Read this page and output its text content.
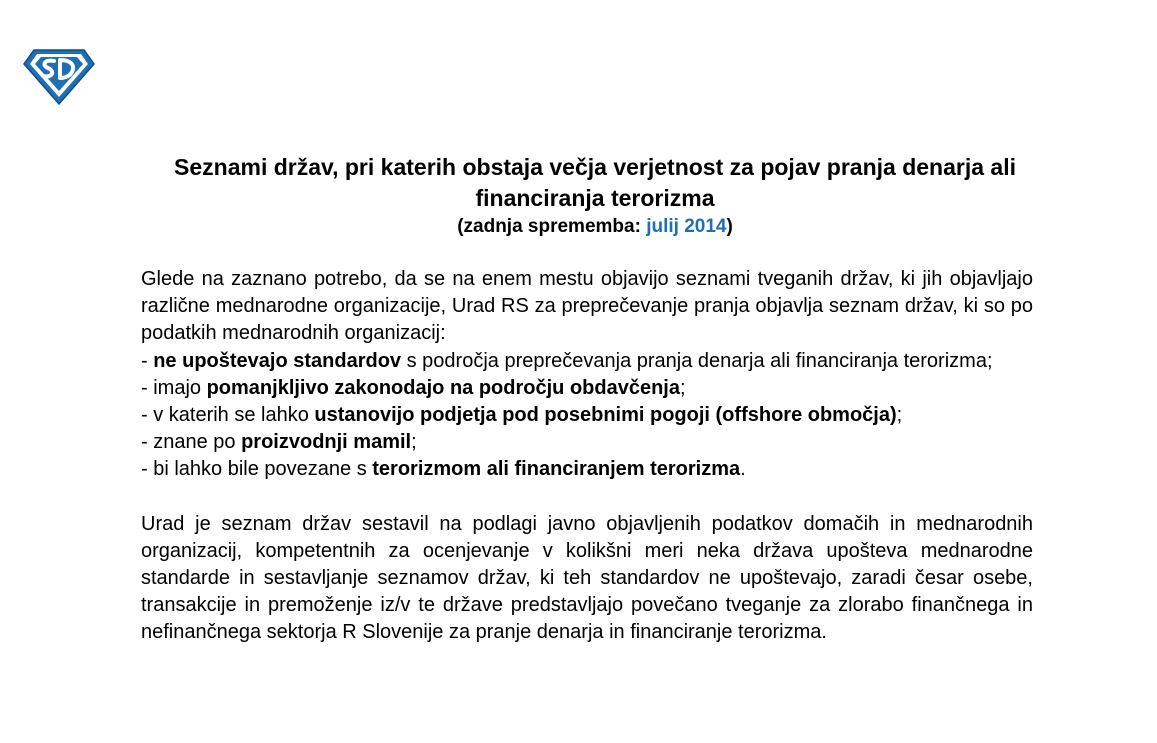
Seznami držav, pri katerih obstaja večja verjetnost za pojav pranja denarja ali financiranja terorizma

(zadnja sprememba: julij 2014)

Glede na zaznano potrebo, da se na enem mestu objavijo seznami tveganih držav, ki jih objavljajo različne mednarodne organizacije, Urad RS za preprečevanje pranja objavlja seznam držav, ki so po podatkih mednarodnih organizacij:

- ne upoštevajo standardov s področja preprečevanja pranja denarja ali financiranja terorizma;

- imajo pomanjkljivo zakonodajo na področju obdavčenja;

- v katerih se lahko ustanovijo podjetja pod posebnimi pogoji (offshore območja);

- znane po proizvodnji mamil;

- bi lahko bile povezane s terorizmom ali financiranjem terorizma.

Urad je seznam držav sestavil na podlagi javno objavljenih podatkov domačih in mednarodnih organizacij, kompetentnih za ocenjevanje v kolikšni meri neka država upošteva mednarodne standarde in sestavljanje seznamov držav, ki teh standardov ne upoštevajo, zaradi česar osebe, transakcije in premoženje iz/v te države predstavljajo povečano tveganje za zlorabo finančnega in nefinančnega sektorja R Slovenije za pranje denarja in financiranje terorizma.
